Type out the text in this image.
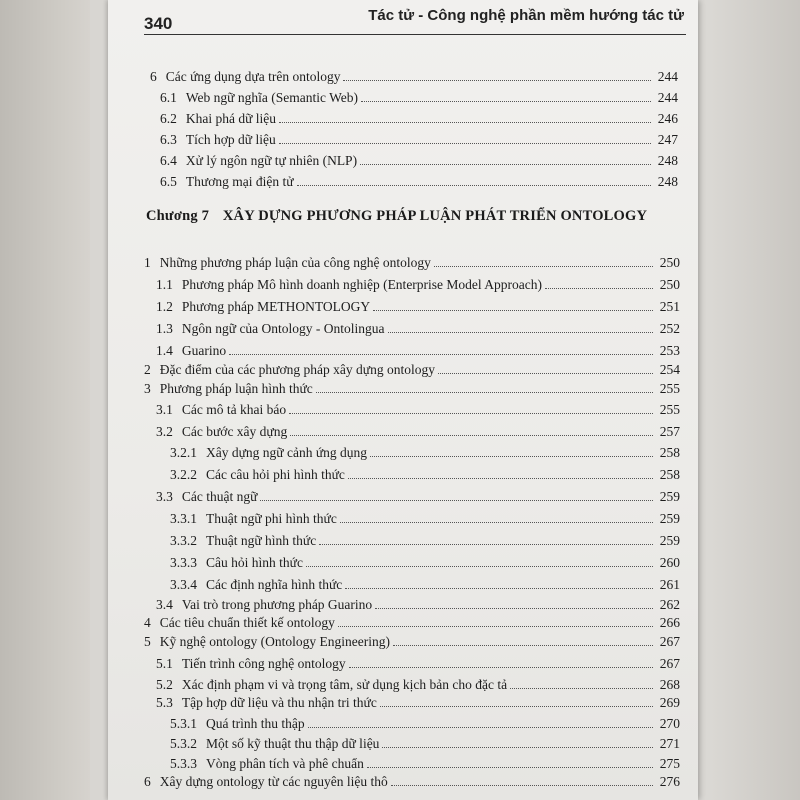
340	Tác tử - Công nghệ phần mềm hướng tác tử
6 Các ứng dụng dựa trên ontology	244
6.1 Web ngữ nghĩa (Semantic Web)	244
6.2 Khai phá dữ liệu	246
6.3 Tích hợp dữ liệu	247
6.4 Xử lý ngôn ngữ tự nhiên (NLP)	248
6.5 Thương mại điện tử	248
Chương 7 XÂY DỰNG PHƯƠNG PHÁP LUẬN PHÁT TRIỂN ONTOLOGY
1 Những phương pháp luận của công nghệ ontology	250
1.1 Phương pháp Mô hình doanh nghiệp (Enterprise Model Approach)	250
1.2 Phương pháp METHONTOLOGY	251
1.3 Ngôn ngữ của Ontology - Ontolingua	252
1.4 Guarino	253
2 Đặc điểm của các phương pháp xây dựng ontology	254
3 Phương pháp luận hình thức	255
3.1 Các mô tả khai báo	255
3.2 Các bước xây dựng	257
3.2.1 Xây dựng ngữ cảnh ứng dụng	258
3.2.2 Các câu hỏi phi hình thức	258
3.3 Các thuật ngữ	259
3.3.1 Thuật ngữ phi hình thức	259
3.3.2 Thuật ngữ hình thức	259
3.3.3 Câu hỏi hình thức	260
3.3.4 Các định nghĩa hình thức	261
3.4 Vai trò trong phương pháp Guarino	262
4 Các tiêu chuẩn thiết kế ontology	266
5 Kỹ nghệ ontology (Ontology Engineering)	267
5.1 Tiến trình công nghệ ontology	267
5.2 Xác định phạm vi và trọng tâm, sử dụng kịch bản cho đặc tả	268
5.3 Tập hợp dữ liệu và thu nhận tri thức	269
5.3.1 Quá trình thu thập	270
5.3.2 Một số kỹ thuật thu thập dữ liệu	271
5.3.3 Vòng phân tích và phê chuẩn	275
6 Xây dựng ontology từ các nguyên liệu thô	276
